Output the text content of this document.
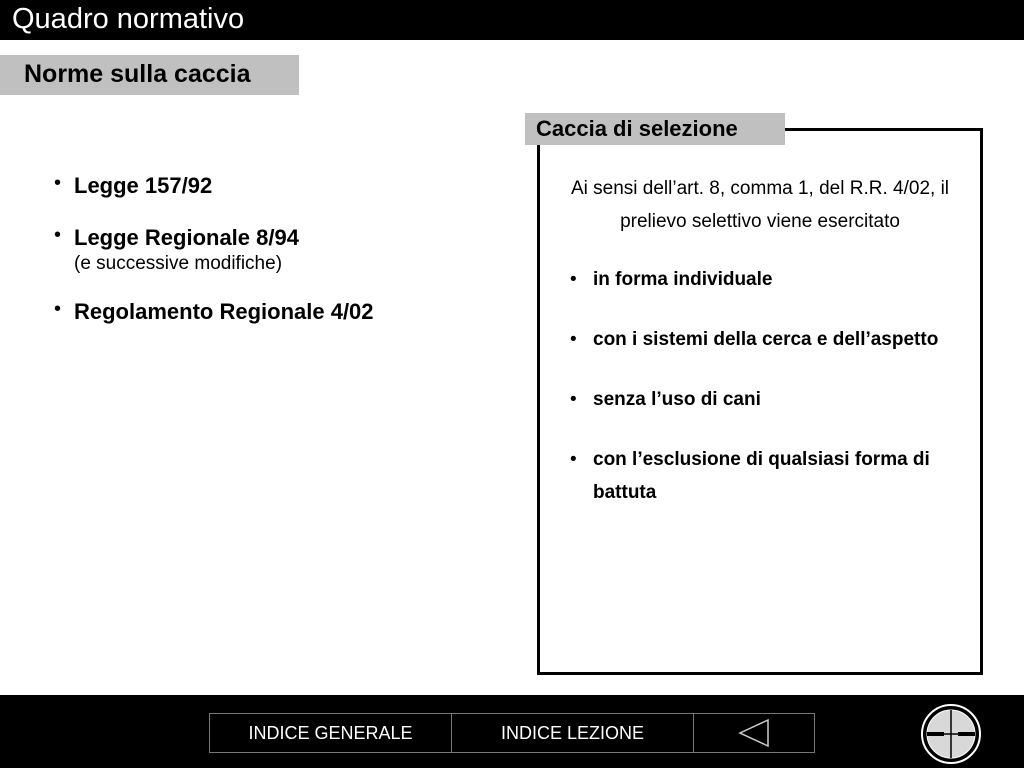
Quadro normativo
Norme sulla caccia
• Legge 157/92
• Legge Regionale 8/94
(e successive modifiche)
• Regolamento Regionale 4/02
Caccia di selezione
Ai sensi dell’art. 8, comma 1, del R.R. 4/02, il prelievo selettivo viene esercitato
• in forma individuale
• con i sistemi della cerca e dell’aspetto
• senza l’uso di cani
• con l’esclusione di qualsiasi forma di battuta
INDICE GENERALE	INDICE LEZIONE
